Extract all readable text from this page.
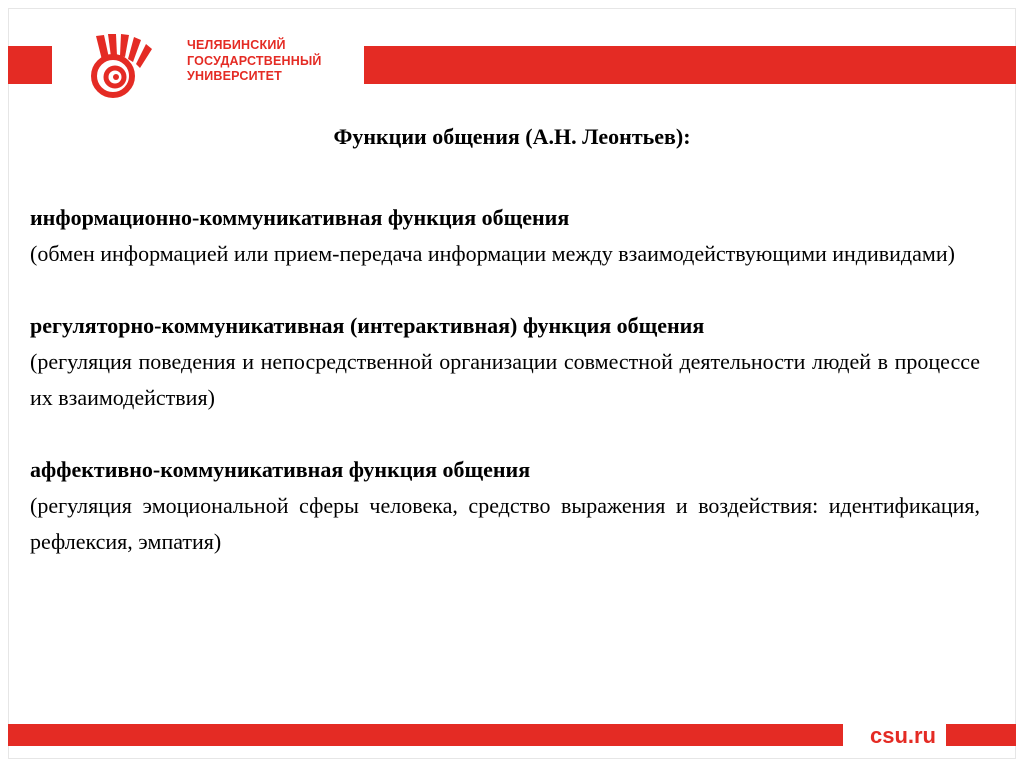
ЧЕЛЯБИНСКИЙ
ГОСУДАРСТВЕННЫЙ
УНИВЕРСИТЕТ
Функции общения (А.Н. Леонтьев):
информационно-коммуникативная функция общения
(обмен информацией или прием-передача информации между взаимодействующими индивидами)
регуляторно-коммуникативная (интерактивная) функция общения
(регуляция поведения и непосредственной организации совместной деятельности людей в процессе их взаимодействия)
аффективно-коммуникативная функция общения
(регуляция эмоциональной сферы человека, средство выражения и воздействия: идентификация, рефлексия, эмпатия)
csu.ru
